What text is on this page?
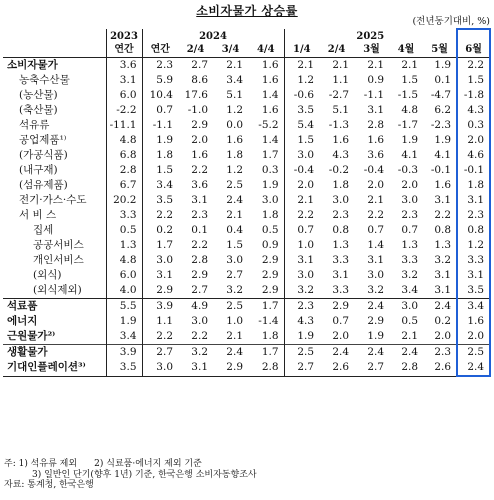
소비자물가 상승률
(전년동기대비, %)
	2023	2024				2025					
	연간	연간	2/4	3/4	4/4	1/4	2/4	3월	4월	5월	6월
소비자물가	3.6	2.3	2.7	2.1	1.6	2.1	2.1	2.1	2.1	1.9	2.2
농축수산물	3.1	5.9	8.6	3.4	1.6	1.2	1.1	0.9	1.5	0.1	1.5
(농산물)	6.0	10.4	17.6	5.1	1.4	-0.6	-2.7	-1.1	-1.5	-4.7	-1.8
(축산물)	-2.2	0.7	-1.0	1.2	1.6	3.5	5.1	3.1	4.8	6.2	4.3
석유류	-11.1	-1.1	2.9	0.0	-5.2	5.4	-1.3	2.8	-1.7	-2.3	0.3
공업제품¹⁾	4.8	1.9	2.0	1.6	1.4	1.5	1.6	1.6	1.9	1.9	2.0
(가공식품)	6.8	1.8	1.6	1.8	1.7	3.0	4.3	3.6	4.1	4.1	4.6
(내구재)	2.8	1.5	2.2	1.2	0.3	-0.4	-0.2	-0.4	-0.3	-0.1	-0.1
(섬유제품)	6.7	3.4	3.6	2.5	1.9	2.0	1.8	2.0	2.0	1.6	1.8
전기·가스·수도	20.2	3.5	3.1	2.4	3.0	2.1	3.0	2.1	3.0	3.1	3.1
서 비 스	3.3	2.2	2.3	2.1	1.8	2.2	2.3	2.2	2.3	2.2	2.3
집세	0.5	0.2	0.1	0.4	0.5	0.7	0.8	0.7	0.7	0.8	0.8
공공서비스	1.3	1.7	2.2	1.5	0.9	1.0	1.3	1.4	1.3	1.3	1.2
개인서비스	4.8	3.0	2.8	3.0	2.9	3.1	3.3	3.1	3.3	3.2	3.3
(외식)	6.0	3.1	2.9	2.7	2.9	3.0	3.1	3.0	3.2	3.1	3.1
(외식제외)	4.0	2.9	2.7	3.2	2.9	3.2	3.3	3.2	3.4	3.1	3.5
석료품	5.5	3.9	4.9	2.5	1.7	2.3	2.9	2.4	3.0	2.4	3.4
에너지	1.9	1.1	3.0	1.0	-1.4	4.3	0.7	2.9	0.5	0.2	1.6
근원물가²⁾	3.4	2.2	2.2	2.1	1.8	1.9	2.0	1.9	2.1	2.0	2.0
생활물가	3.9	2.7	3.2	2.4	1.7	2.5	2.4	2.4	2.4	2.3	2.5
기대인플레이션³⁾	3.5	3.0	3.1	2.9	2.8	2.7	2.6	2.7	2.8	2.6	2.4
주: 1) 석유류 제외      2) 식료품·에너지 제외 기준
3) 일반인 단기(향후 1년) 기준, 한국은행 소비자동향조사
자료: 통계청, 한국은행
